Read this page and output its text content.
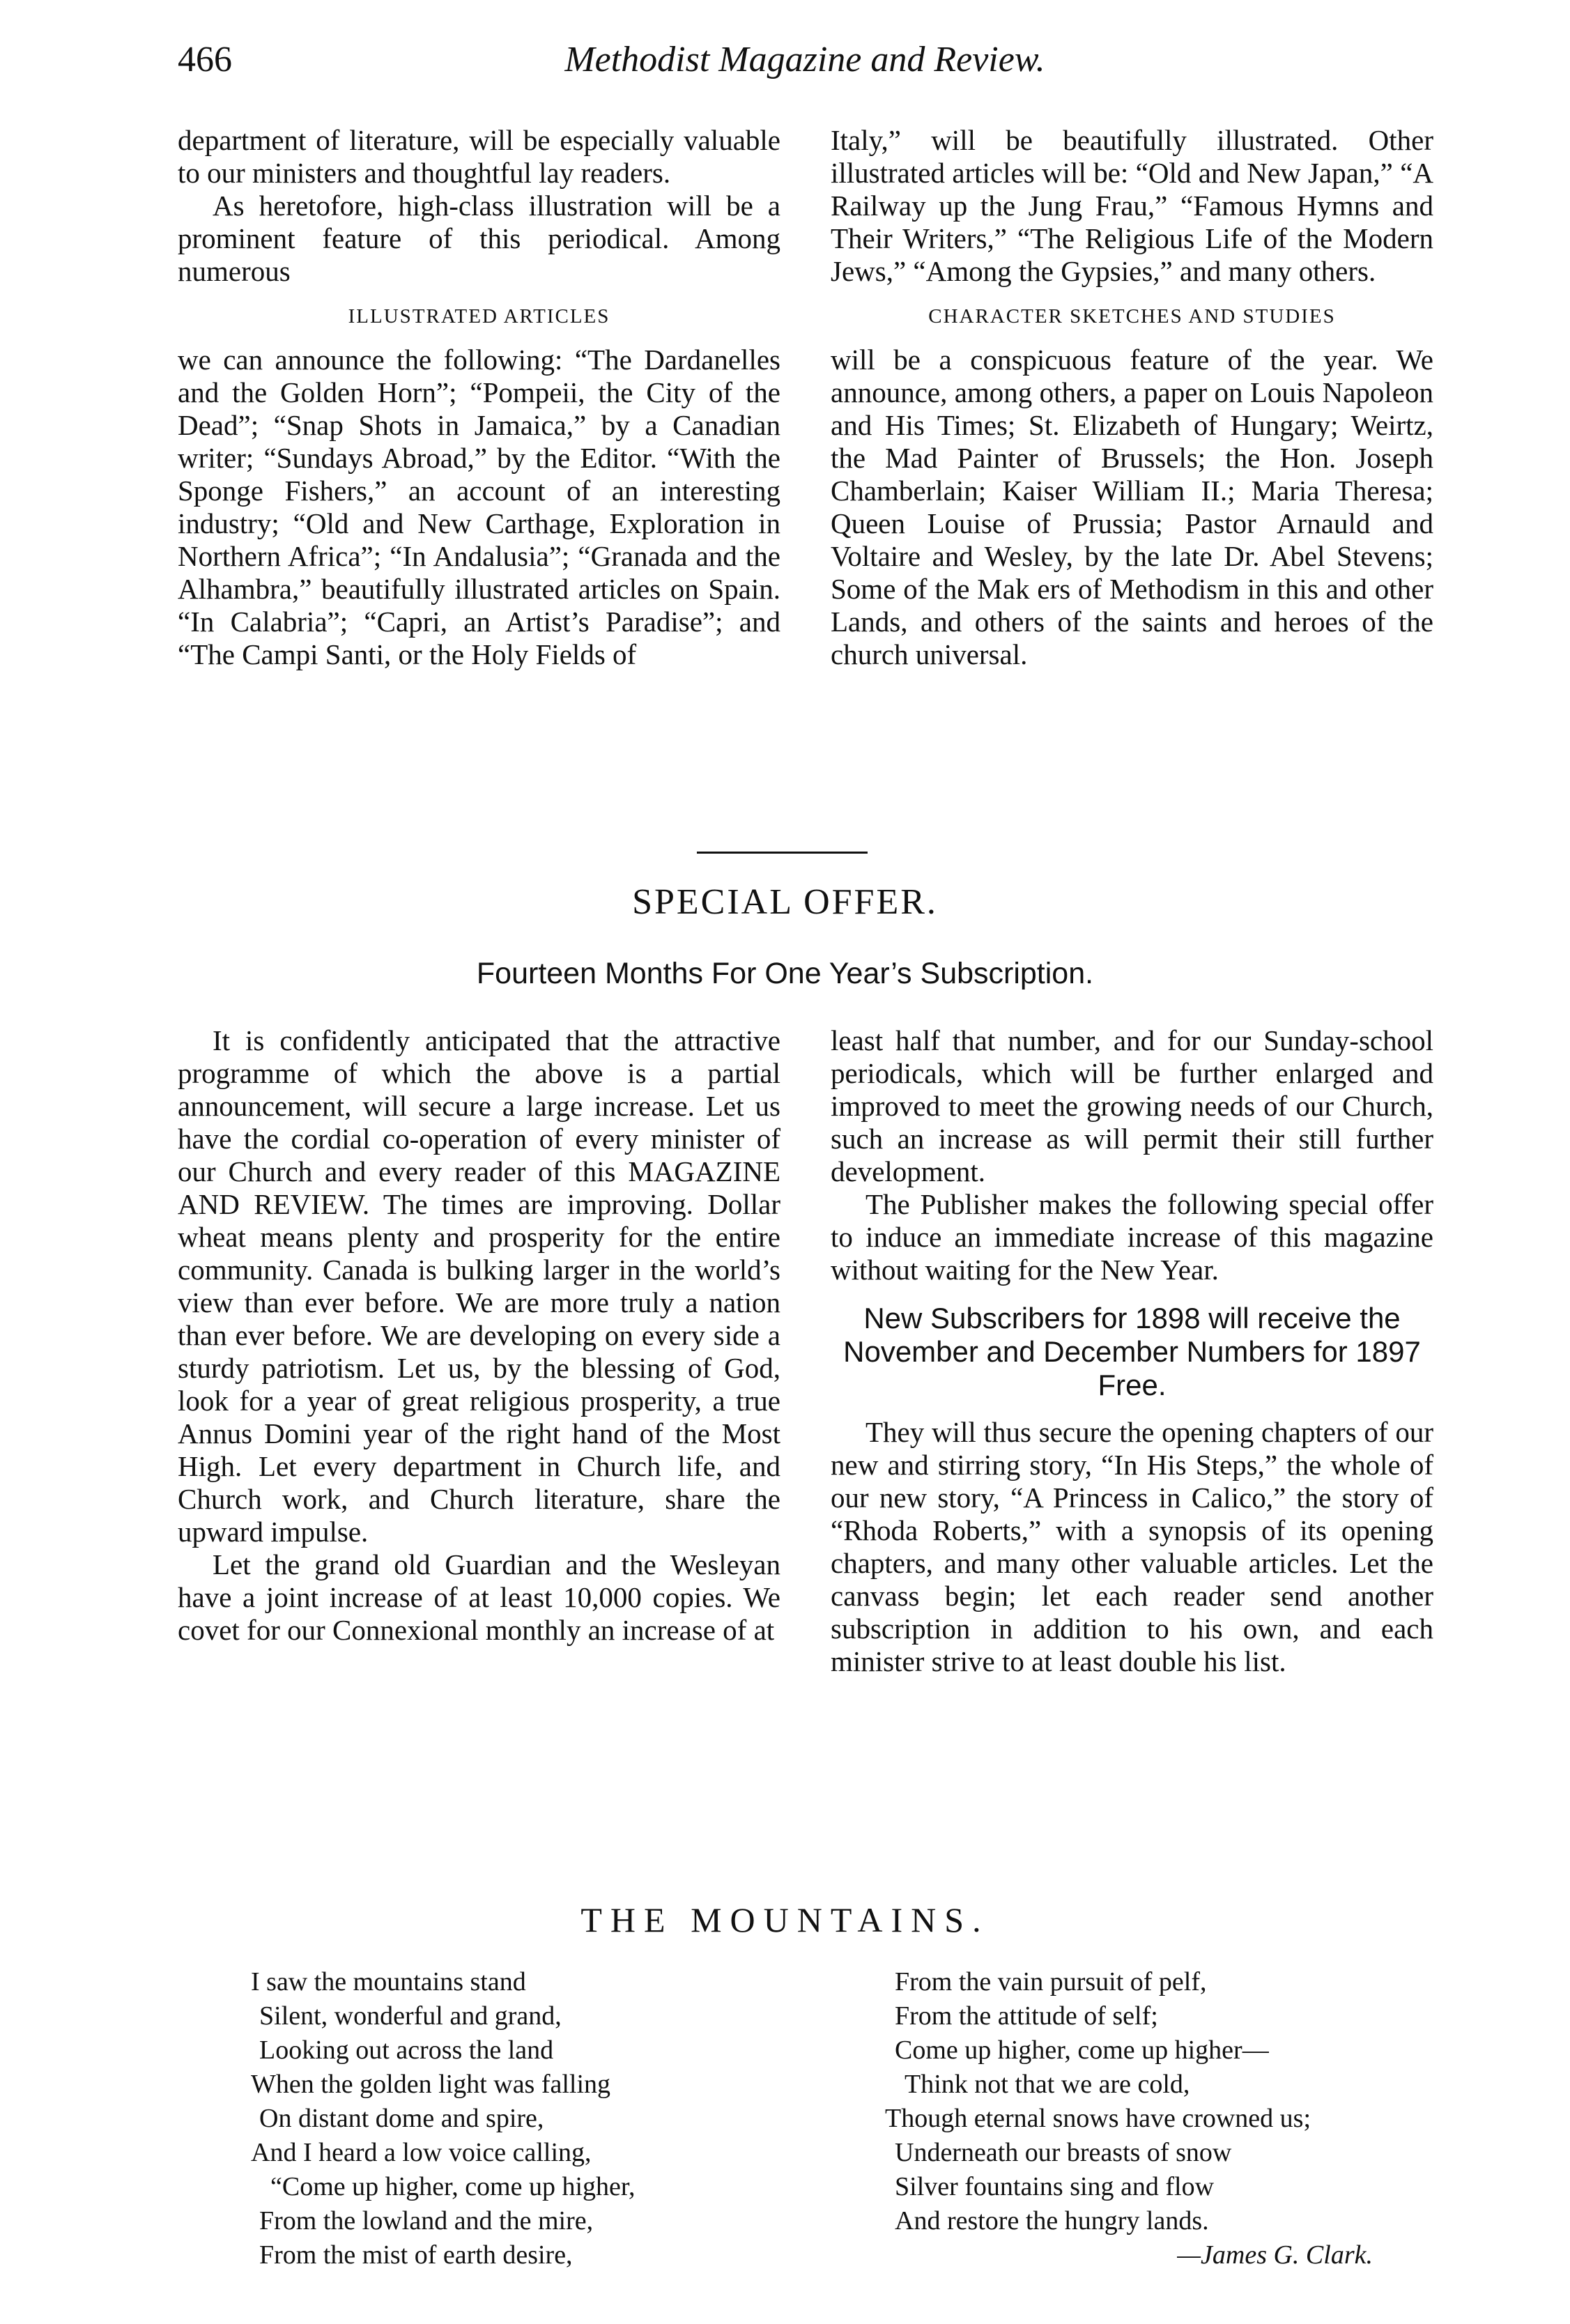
466	Methodist Magazine and Review.

department of literature, will be especially valuable to our ministers and thoughtful lay readers.

As heretofore, high-class illustration will be a prominent feature of this periodical. Among numerous

ILLUSTRATED ARTICLES

we can announce the following: “The Dardanelles and the Golden Horn”; “Pompeii, the City of the Dead”; “Snap Shots in Jamaica,” by a Canadian writer; “Sundays Abroad,” by the Editor. “With the Sponge Fishers,” an account of an interesting industry; “Old and New Carthage, Exploration in Northern Africa”; “In Andalusia”; “Granada and the Alhambra,” beautifully illustrated articles on Spain. “In Calabria”; “Capri, an Artist’s Paradise”; and “The Campi Santi, or the Holy Fields of

Italy,” will be beautifully illustrated. Other illustrated articles will be: “Old and New Japan,” “A Railway up the Jung Frau,” “Famous Hymns and Their Writers,” “The Religious Life of the Modern Jews,” “Among the Gypsies,” and many others.

CHARACTER SKETCHES AND STUDIES

will be a conspicuous feature of the year. We announce, among others, a paper on Louis Napoleon and His Times; St. Elizabeth of Hungary; Weirtz, the Mad Painter of Brussels; the Hon. Joseph Chamberlain; Kaiser William II.; Maria Theresa; Queen Louise of Prussia; Pastor Arnauld and Voltaire and Wesley, by the late Dr. Abel Stevens; Some of the Mak ers of Methodism in this and other Lands, and others of the saints and heroes of the church universal.

SPECIAL OFFER.
Fourteen Months For One Year’s Subscription.

It is confidently anticipated that the attractive programme of which the above is a partial announcement, will secure a large increase. Let us have the cordial co-operation of every minister of our Church and every reader of this MAGAZINE AND REVIEW. The times are improving. Dollar wheat means plenty and prosperity for the entire community. Canada is bulking larger in the world’s view than ever before. We are more truly a nation than ever before. We are developing on every side a sturdy patriotism. Let us, by the blessing of God, look for a year of great religious prosperity, a true Annus Domini year of the right hand of the Most High. Let every department in Church life, and Church work, and Church literature, share the upward impulse.

Let the grand old Guardian and the Wesleyan have a joint increase of at least 10,000 copies. We covet for our Connexional monthly an increase of at

least half that number, and for our Sunday-school periodicals, which will be further enlarged and improved to meet the growing needs of our Church, such an increase as will permit their still further development.

The Publisher makes the following special offer to induce an immediate increase of this magazine without waiting for the New Year.

New Subscribers for 1898 will receive the November and December Numbers for 1897 Free.

They will thus secure the opening chapters of our new and stirring story, “In His Steps,” the whole of our new story, “A Princess in Calico,” the story of “Rhoda Roberts,” with a synopsis of its opening chapters, and many other valuable articles. Let the canvass begin; let each reader send another subscription in addition to his own, and each minister strive to at least double his list.

THE MOUNTAINS.
I saw the mountains stand
Silent, wonderful and grand,
Looking out across the land
When the golden light was falling
On distant dome and spire,
And I heard a low voice calling,
“Come up higher, come up higher,
From the lowland and the mire,
From the mist of earth desire,
From the vain pursuit of pelf,
From the attitude of self;
Come up higher, come up higher—
Think not that we are cold,
Though eternal snows have crowned us;
Underneath our breasts of snow
Silver fountains sing and flow
And restore the hungry lands.
—James G. Clark.
